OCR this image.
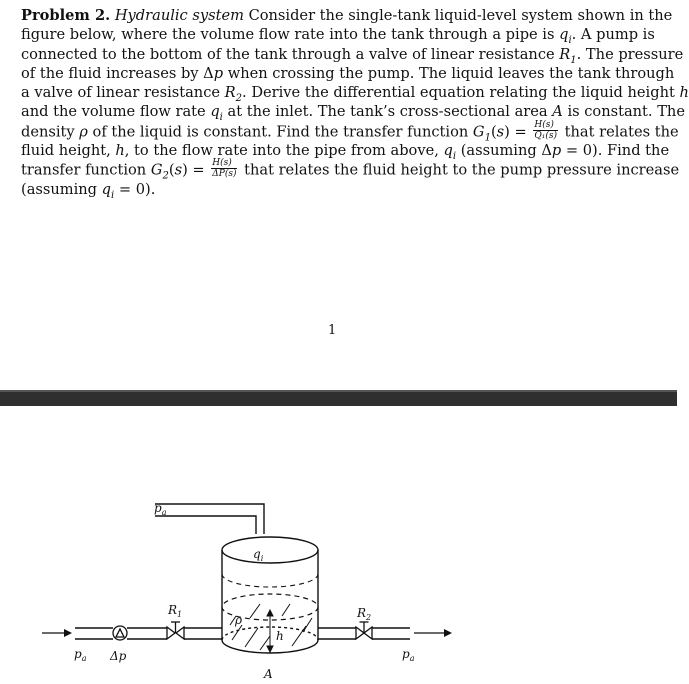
Problem 2. Hydraulic system Consider the single-tank liquid-level system shown in the
figure below, where the volume flow rate into the tank through a pipe is $q_i$. A pump is
connected to the bottom of the tank through a valve of linear resistance $R_1$. The pressure
of the fluid increases by Δp when crossing the pump. The liquid leaves the tank through
a valve of linear resistance $R_2$. Derive the differential equation relating the liquid height h
and the volume flow rate $q_i$ at the inlet. The tank’s cross-sectional area A is constant. The
density ρ of the liquid is constant. Find the transfer function $G_1(s) = \frac{H(s)}{\text{Q₁(s)}}$ that relates the
fluid height, h, to the flow rate into the pipe from above, $q_i$ (assuming Δp = 0). Find the
transfer function $G_2(s) = \frac{H(s)}{\Delta P(s)}$ that relates the fluid height to the pump pressure increase
(assuming $q_i = 0$).
1
$p_a$
$q_i$
$R_1$	$R_2$
ρ
h
A
$p_a$ Δp	$p_a$
